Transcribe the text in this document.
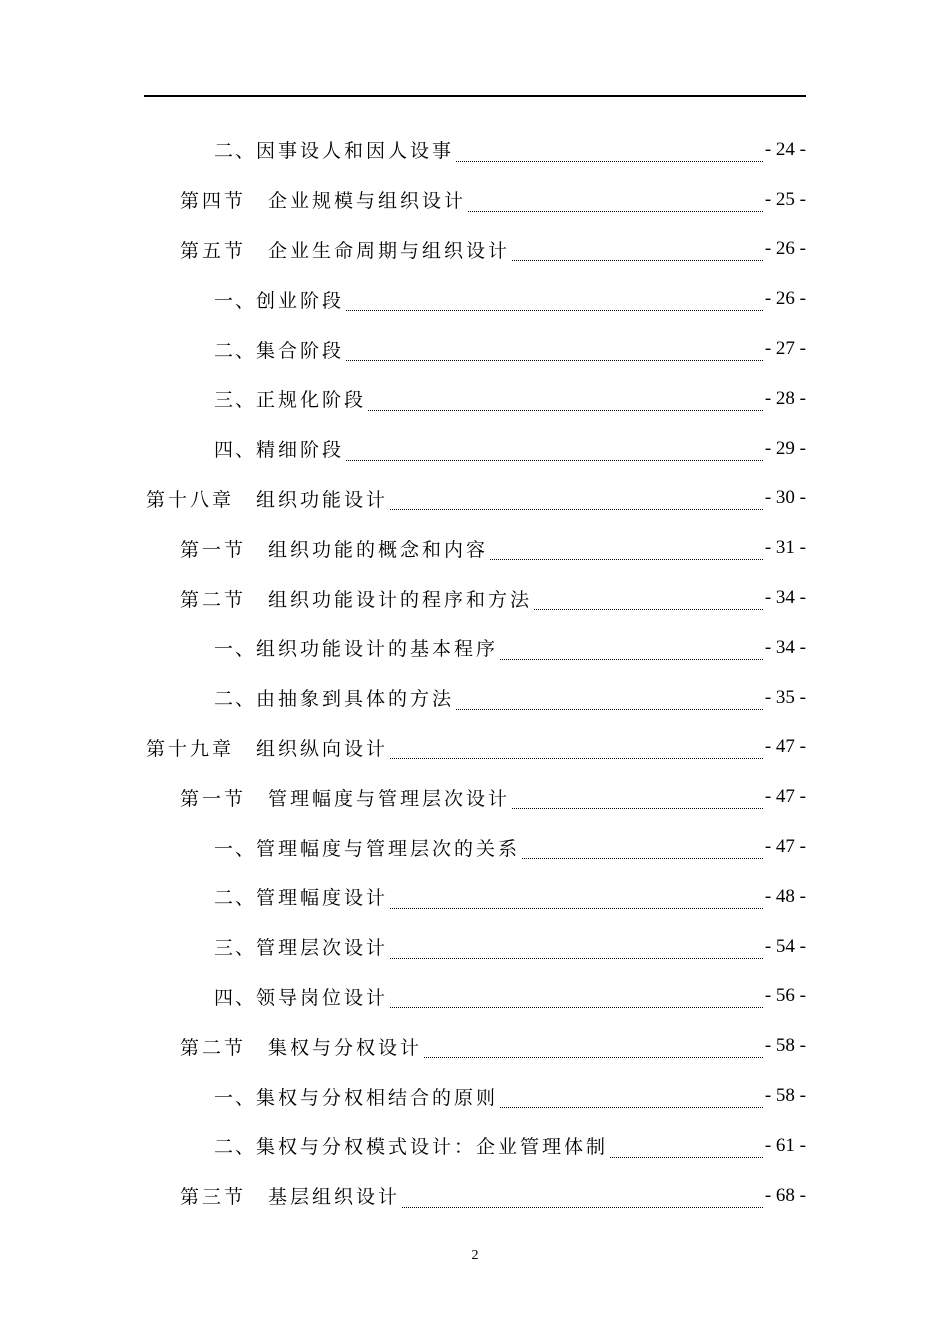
二、 因事设人和因人设事	- 24 -
第四节 企业规模与组织设计	- 25 -
第五节 企业生命周期与组织设计	- 26 -
一、 创业阶段	- 26 -
二、 集合阶段	- 27 -
三、 正规化阶段	- 28 -
四、 精细阶段	- 29 -
第十八章 组织功能设计	- 30 -
第一节 组织功能的概念和内容	- 31 -
第二节 组织功能设计的程序和方法	- 34 -
一、 组织功能设计的基本程序	- 34 -
二、 由抽象到具体的方法	- 35 -
第十九章 组织纵向设计	- 47 -
第一节 管理幅度与管理层次设计	- 47 -
一、 管理幅度与管理层次的关系	- 47 -
二、 管理幅度设计	- 48 -
三、 管理层次设计	- 54 -
四、 领导岗位设计	- 56 -
第二节 集权与分权设计	- 58 -
一、 集权与分权相结合的原则	- 58 -
二、 集权与分权模式设计：企业管理体制	- 61 -
第三节 基层组织设计	- 68 -
2
